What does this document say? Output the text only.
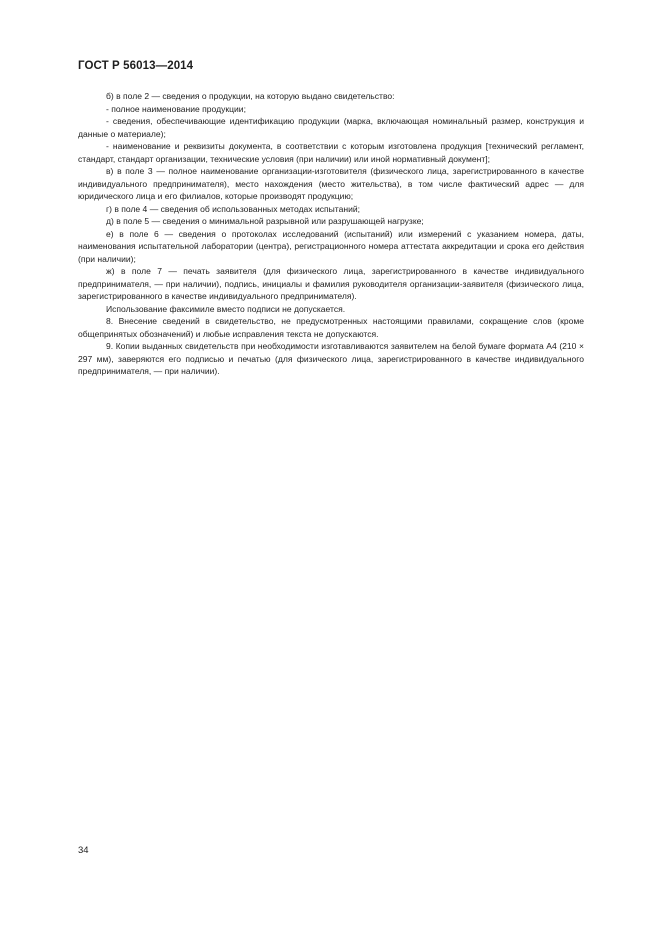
ГОСТ Р 56013—2014

б) в поле 2 — сведения о продукции, на которую выдано свидетельство:

- полное наименование продукции;

- сведения, обеспечивающие идентификацию продукции (марка, включающая номинальный размер, конструкция и данные о материале);

- наименование и реквизиты документа, в соответствии с которым изготовлена продукция [технический регламент, стандарт, стандарт организации, технические условия (при наличии) или иной нормативный документ];

в) в поле 3 — полное наименование организации-изготовителя (физического лица, зарегистрированного в качестве индивидуального предпринимателя), место нахождения (место жительства), в том числе фактический адрес — для юридического лица и его филиалов, которые производят продукцию;

г) в поле 4 — сведения об использованных методах испытаний;

д) в поле 5 — сведения о минимальной разрывной или разрушающей нагрузке;

е) в поле 6 — сведения о протоколах исследований (испытаний) или измерений с указанием номера, даты, наименования испытательной лаборатории (центра), регистрационного номера аттестата аккредитации и срока его действия (при наличии);

ж) в поле 7 — печать заявителя (для физического лица, зарегистрированного в качестве индивидуального предпринимателя, — при наличии), подпись, инициалы и фамилия руководителя организации-заявителя (физического лица, зарегистрированного в качестве индивидуального предпринимателя).

Использование факсимиле вместо подписи не допускается.

8. Внесение сведений в свидетельство, не предусмотренных настоящими правилами, сокращение слов (кроме общепринятых обозначений) и любые исправления текста не допускаются.

9. Копии выданных свидетельств при необходимости изготавливаются заявителем на белой бумаге формата А4 (210 × 297 мм), заверяются его подписью и печатью (для физического лица, зарегистрированного в качестве индивидуального предпринимателя, — при наличии).

34
